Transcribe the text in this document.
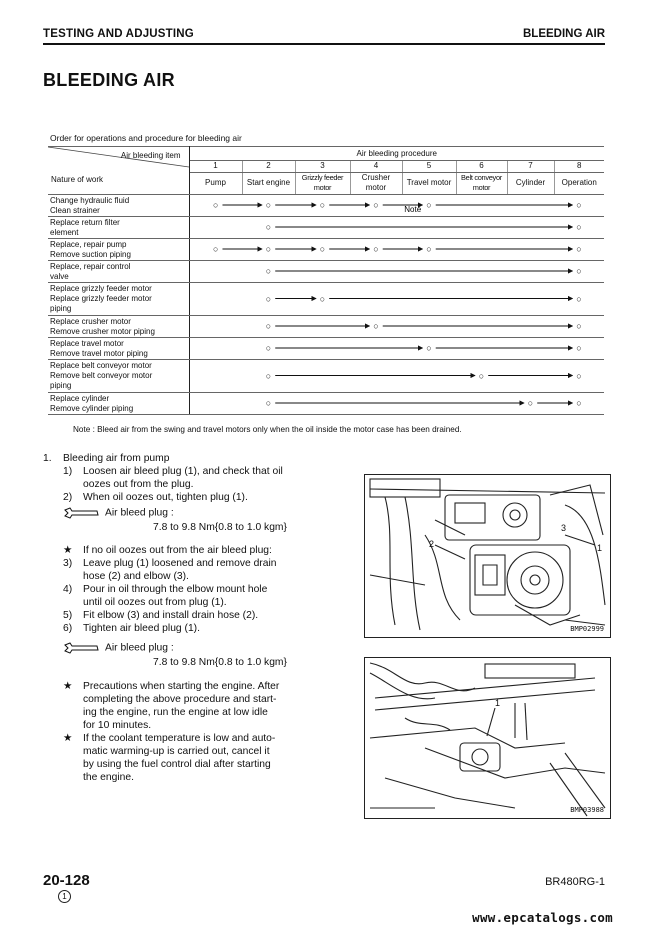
TESTING AND ADJUSTING	BLEEDING AIR
BLEEDING AIR
Order for operations and procedure for bleeding air
Air bleeding item
Nature of work	Air bleeding procedure							
	1	2	3	4	5	6	7	8
	Pump	Start engine	Grizzly feeder motor	Crusher motor	Travel motor	Belt conveyor motor	Cylinder	Operation

Change hydraulic fluid
Clean strainer	○	○	○	○	○			○

Replace return filter
element		○						○

Replace, repair pump
Remove suction piping	○	○	○	○	○			○

Replace, repair control
valve		○						○

Replace grizzly feeder motor
Replace grizzly feeder motor
piping		○	○					○

Replace crusher motor
Remove crusher motor piping		○		○				○

Replace travel motor
Remove travel motor piping		○			○			○

Replace belt conveyor motor
Remove belt conveyor motor
piping		○				○		○

Replace cylinder
Remove cylinder piping		○					○	○
Note : Bleed air from the swing and travel motors only when the oil inside the motor case has been drained.
Note
1.	Bleeding air from pump
1)	Loosen air bleed plug (1), and check that oil
oozes out from the plug.
2)	When oil oozes out, tighten plug (1).
Air bleed plug :
7.8 to 9.8 Nm{0.8 to 1.0 kgm}
★	If no oil oozes out from the air bleed plug:
3)	Leave plug (1) loosened and remove drain
hose (2) and elbow (3).
4)	Pour in oil through the elbow mount hole
until oil oozes out from plug (1).
5)	Fit elbow (3) and install drain hose (2).
6)	Tighten air bleed plug (1).
Air bleed plug :
7.8 to 9.8 Nm{0.8 to 1.0 kgm}
★	Precautions when starting the engine. After
completing the above procedure and start-
ing the engine, run the engine at low idle
for 10 minutes.
★	If the coolant temperature is low and auto-
matic warming-up is carried out, cancel it
by using the fuel control dial after starting
the engine.
2
3
1
BMP02999
1
BMP03988
20-128
1
BR480RG-1
www.epcatalogs.com
